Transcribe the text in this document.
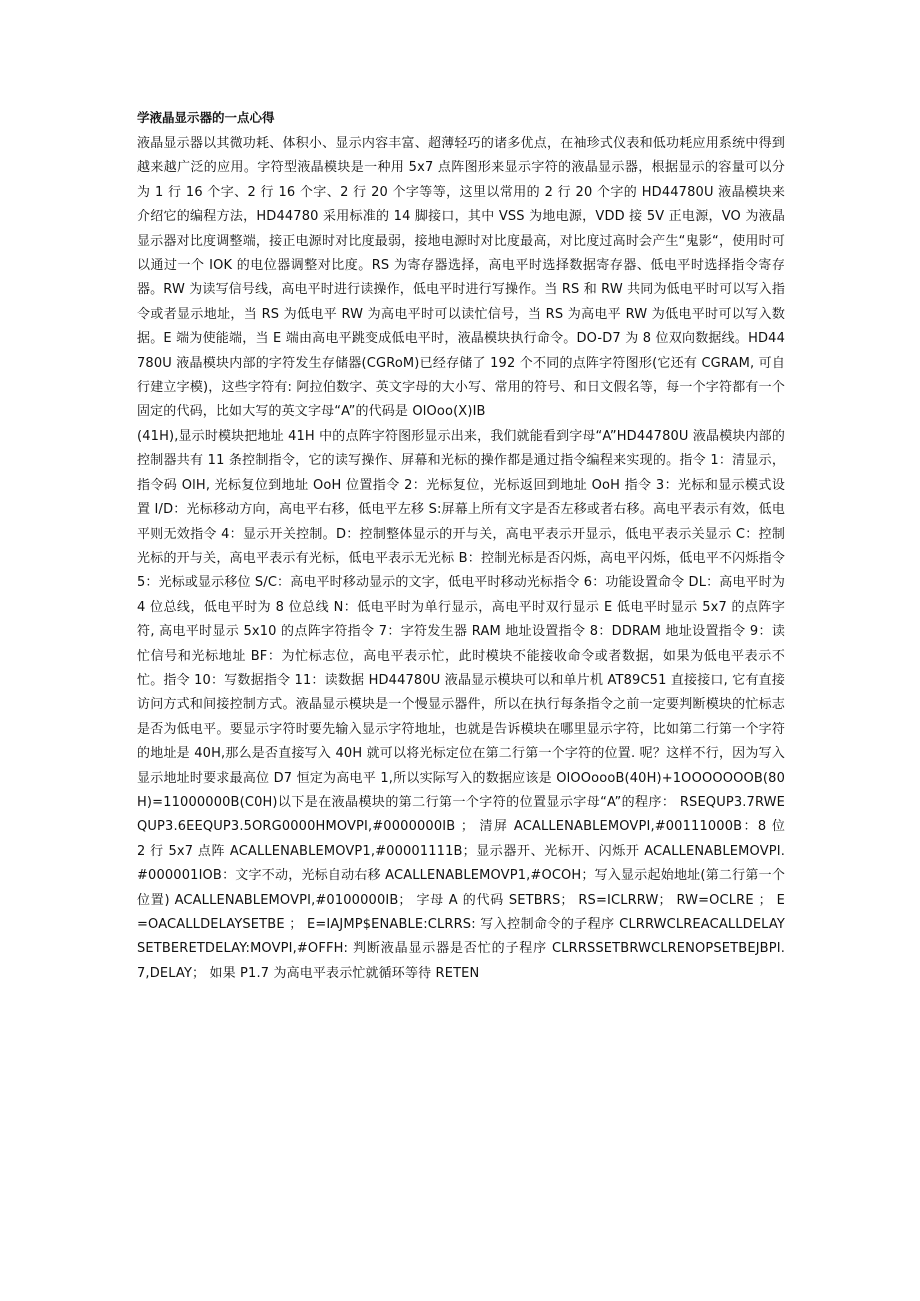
学液晶显示器的一点心得

液晶显示器以其微功耗、体积小、显示内容丰富、超薄轻巧的诸多优点，在袖珍式仪表和低功耗应用系统中得到越来越广泛的应用。字符型液晶模块是一种用 5x7 点阵图形来显示字符的液晶显示器，根据显示的容量可以分为 1 行 16 个字、2 行 16 个字、2 行 20 个字等等，这里以常用的 2 行 20 个字的 HD44780U 液晶模块来介绍它的编程方法，HD44780 采用标准的 14 脚接口，其中 VSS 为地电源，VDD 接 5V 正电源，VO 为液晶显示器对比度调整端，接正电源时对比度最弱，接地电源时对比度最高，对比度过高时会产生“鬼影“，使用时可以通过一个 IOK 的电位器调整对比度。RS 为寄存器选择，高电平时选择数据寄存器、低电平时选择指令寄存器。RW 为读写信号线，高电平时进行读操作，低电平时进行写操作。当 RS 和 RW 共同为低电平时可以写入指令或者显示地址，当 RS 为低电平 RW 为高电平时可以读忙信号，当 RS 为高电平 RW 为低电平时可以写入数据。E 端为使能端，当 E 端由高电平跳变成低电平时，液晶模块执行命令。DO-D7 为 8 位双向数据线。HD44780U 液晶模块内部的字符发生存储器(CGRoM)已经存储了 192 个不同的点阵字符图形(它还有 CGRAM, 可自行建立字模)，这些字符有: 阿拉伯数字、英文字母的大小写、常用的符号、和日文假名等，每一个字符都有一个固定的代码，比如大写的英文字母“A”的代码是 OlOoo(X)IB

(41H),显示时模块把地址 41H 中的点阵字符图形显示出来，我们就能看到字母“A”HD44780U 液晶模块内部的控制器共有 11 条控制指令，它的读写操作、屏幕和光标的操作都是通过指令编程来实现的。指令 1：清显示，指令码 OlH, 光标复位到地址 OoH 位置指令 2：光标复位，光标返回到地址 OoH 指令 3：光标和显示模式设置 I/D：光标移动方向，高电平右移，低电平左移 S:屏幕上所有文字是否左移或者右移。高电平表示有效，低电平则无效指令 4：显示开关控制。D：控制整体显示的开与关，高电平表示开显示，低电平表示关显示 C：控制光标的开与关，高电平表示有光标，低电平表示无光标 B：控制光标是否闪烁，高电平闪烁，低电平不闪烁指令 5：光标或显示移位 S/C：高电平时移动显示的文字，低电平时移动光标指令 6：功能设置命令 DL：高电平时为 4 位总线，低电平时为 8 位总线 N：低电平时为单行显示，高电平时双行显示 E 低电平时显示 5x7 的点阵字符, 高电平时显示 5x10 的点阵字符指令 7：字符发生器 RAM 地址设置指令 8：DDRAM 地址设置指令 9：读忙信号和光标地址 BF：为忙标志位，高电平表示忙，此时模块不能接收命令或者数据，如果为低电平表示不忙。指令 10：写数据指令 11：读数据 HD44780U 液晶显示模块可以和单片机 AT89C51 直接接口, 它有直接访问方式和间接控制方式。液晶显示模块是一个慢显示器件，所以在执行每条指令之前一定要判断模块的忙标志是否为低电平。要显示字符时要先输入显示字符地址，也就是告诉模块在哪里显示字符，比如第二行第一个字符的地址是 40H,那么是否直接写入 40H 就可以将光标定位在第二行第一个字符的位置. 呢？这样不行，因为写入显示地址时要求最高位 D7 恒定为高电平 1,所以实际写入的数据应该是 OlOOoooB(40H)+1OOOOOOOB(80H)=11000000B(C0H)以下是在液晶模块的第二行第一个字符的位置显示字母“A”的程序： RSEQUP3.7RWEQUP3.6EEQUP3.5ORG0000HMOVPI,#0000000IB ； 清屏 ACALLENABLEMOVPI,#00111000B：8 位 2 行 5x7 点阵 ACALLENABLEMOVP1,#00001111B；显示器开、光标开、闪烁开 ACALLENABLEMOVPI.#000001IOB：文字不动，光标自动右移 ACALLENABLEMOVP1,#OCOH；写入显示起始地址(第二行第一个位置) ACALLENABLEMOVPI,#0100000IB； 字母 A 的代码 SETBRS； RS=ICLRRW； RW=OCLRE ； E=OACALLDELAYSETBE ； E=IAJMP$ENABLE:CLRRS: 写入控制命令的子程序 CLRRWCLREACALLDELAYSETBERETDELAY:MOVPI,#OFFH: 判断液晶显示器是否忙的子程序 CLRRSSETBRWCLRENOPSETBEJBPI.7,DELAY； 如果 P1.7 为高电平表示忙就循环等待 RETEN
